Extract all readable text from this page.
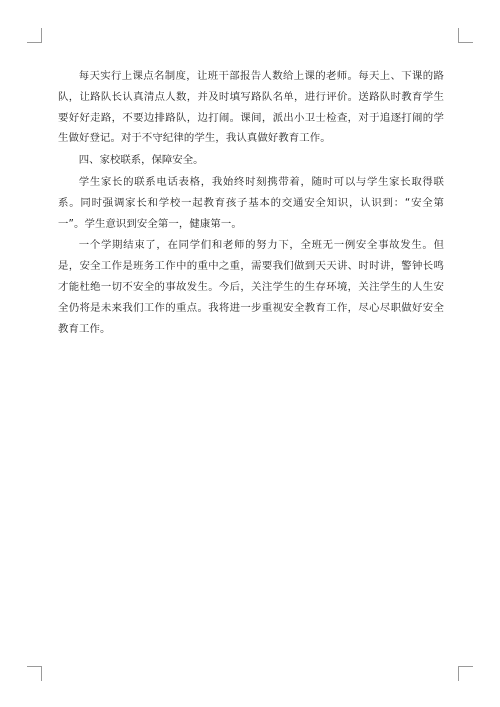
每天实行上课点名制度，让班干部报告人数给上课的老师。每天上、下课的路队，让路队长认真清点人数，并及时填写路队名单，进行评价。送路队时教育学生要好好走路，不要边排路队，边打闹。课间，派出小卫士检查，对于追逐打闹的学生做好登记。对于不守纪律的学生，我认真做好教育工作。

四、家校联系，保障安全。

学生家长的联系电话表格，我始终时刻携带着，随时可以与学生家长取得联系。同时强调家长和学校一起教育孩子基本的交通安全知识，认识到：“安全第一”。学生意识到安全第一，健康第一。

一个学期结束了，在同学们和老师的努力下，全班无一例安全事故发生。但是，安全工作是班务工作中的重中之重，需要我们做到天天讲、时时讲，警钟长鸣才能杜绝一切不安全的事故发生。今后，关注学生的生存环境，关注学生的人生安全仍将是未来我们工作的重点。我将进一步重视安全教育工作，尽心尽职做好安全教育工作。
